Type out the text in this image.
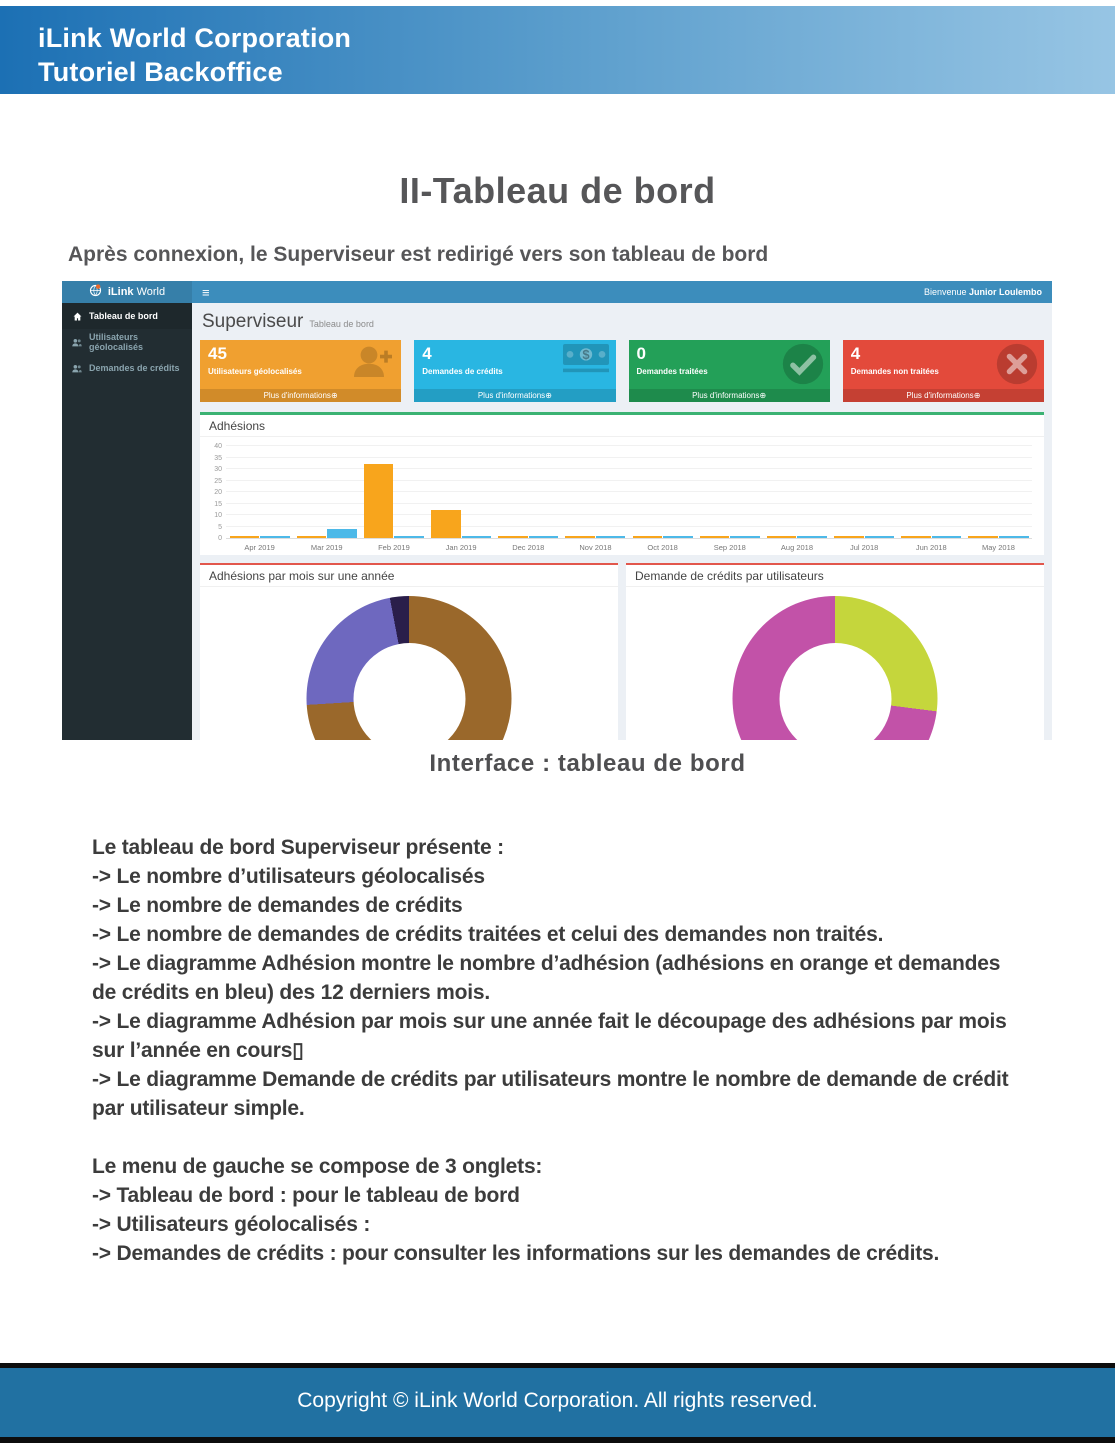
iLink World Corporation
Tutoriel Backoffice
II-Tableau de bord
Après connexion, le Superviseur est redirigé vers son tableau de bord
iLink World	≡	Bienvenue Junior Loulembo
Tableau de bord
Utilisateurs géolocalisés
Demandes de crédits
Superviseur Tableau de bord
45
Utilisateurs géolocalisés
Plus d'informations⊕
4
Demandes de crédits
$
Plus d'informations⊕
0
Demandes traitées
Plus d'informations⊕
4
Demandes non traitées
Plus d'informations⊕
Adhésions
0
5
10
15
20
25
30
35
40
Apr 2019	Mar 2019	Feb 2019	Jan 2019	Dec 2018	Nov 2018	Oct 2018	Sep 2018	Aug 2018	Jul 2018	Jun 2018	May 2018
Adhésions par mois sur une année	Demande de crédits par utilisateurs
Interface : tableau de bord
Le tableau de bord Superviseur présente :
-> Le nombre d’utilisateurs géolocalisés
-> Le nombre de demandes de crédits
-> Le nombre de demandes de crédits traitées et celui des demandes non traités.
-> Le diagramme Adhésion montre le nombre d’adhésion (adhésions en orange et demandes
de crédits en bleu) des 12 derniers mois.
-> Le diagramme Adhésion par mois sur une année fait le découpage des adhésions par mois
sur l’année en cours▯
-> Le diagramme Demande de crédits par utilisateurs montre le nombre de demande de crédit
par utilisateur simple.

Le menu de gauche se compose de 3 onglets:
-> Tableau de bord : pour le tableau de bord
-> Utilisateurs géolocalisés :
-> Demandes de crédits : pour consulter les informations sur les demandes de crédits.
Copyright © iLink World Corporation. All rights reserved.
